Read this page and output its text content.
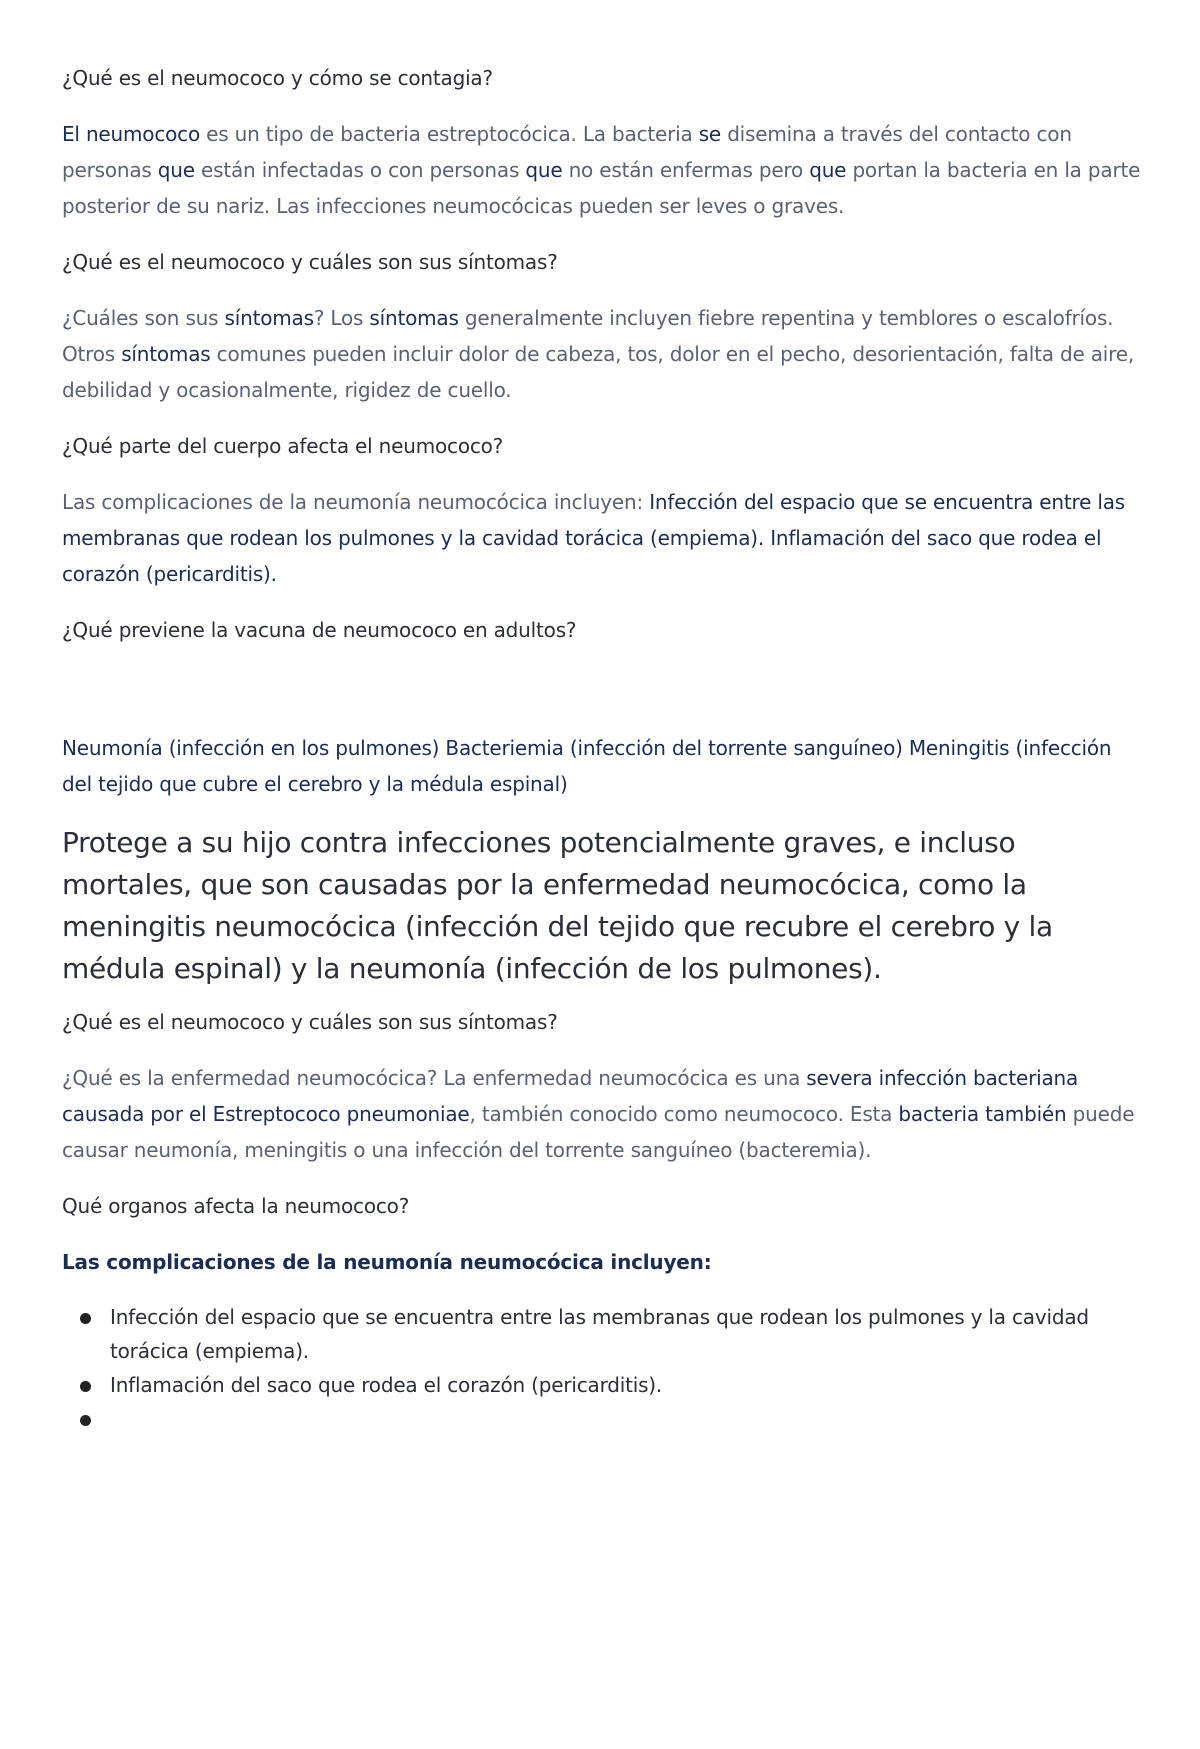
¿Qué es el neumococo y cómo se contagia?

El neumococo es un tipo de bacteria estreptocócica. La bacteria se disemina a través del contacto con personas que están infectadas o con personas que no están enfermas pero que portan la bacteria en la parte posterior de su nariz. Las infecciones neumocócicas pueden ser leves o graves.

¿Qué es el neumococo y cuáles son sus síntomas?

¿Cuáles son sus síntomas? Los síntomas generalmente incluyen fiebre repentina y temblores o escalofríos. Otros síntomas comunes pueden incluir dolor de cabeza, tos, dolor en el pecho, desorientación, falta de aire, debilidad y ocasionalmente, rigidez de cuello.

¿Qué parte del cuerpo afecta el neumococo?

Las complicaciones de la neumonía neumocócica incluyen: Infección del espacio que se encuentra entre las membranas que rodean los pulmones y la cavidad torácica (empiema). Inflamación del saco que rodea el corazón (pericarditis).

¿Qué previene la vacuna de neumococo en adultos?

Neumonía (infección en los pulmones) Bacteriemia (infección del torrente sanguíneo) Meningitis (infección del tejido que cubre el cerebro y la médula espinal)

Protege a su hijo contra infecciones potencialmente graves, e incluso mortales, que son causadas por la enfermedad neumocócica, como la meningitis neumocócica (infección del tejido que recubre el cerebro y la médula espinal) y la neumonía (infección de los pulmones).

¿Qué es el neumococo y cuáles son sus síntomas?

¿Qué es la enfermedad neumocócica? La enfermedad neumocócica es una severa infección bacteriana causada por el Estreptococo pneumoniae, también conocido como neumococo. Esta bacteria también puede causar neumonía, meningitis o una infección del torrente sanguíneo (bacteremia).

Qué organos afecta la neumococo?

Las complicaciones de la neumonía neumocócica incluyen:

Infección del espacio que se encuentra entre las membranas que rodean los pulmones y la cavidad torácica (empiema).
Inflamación del saco que rodea el corazón (pericarditis).
